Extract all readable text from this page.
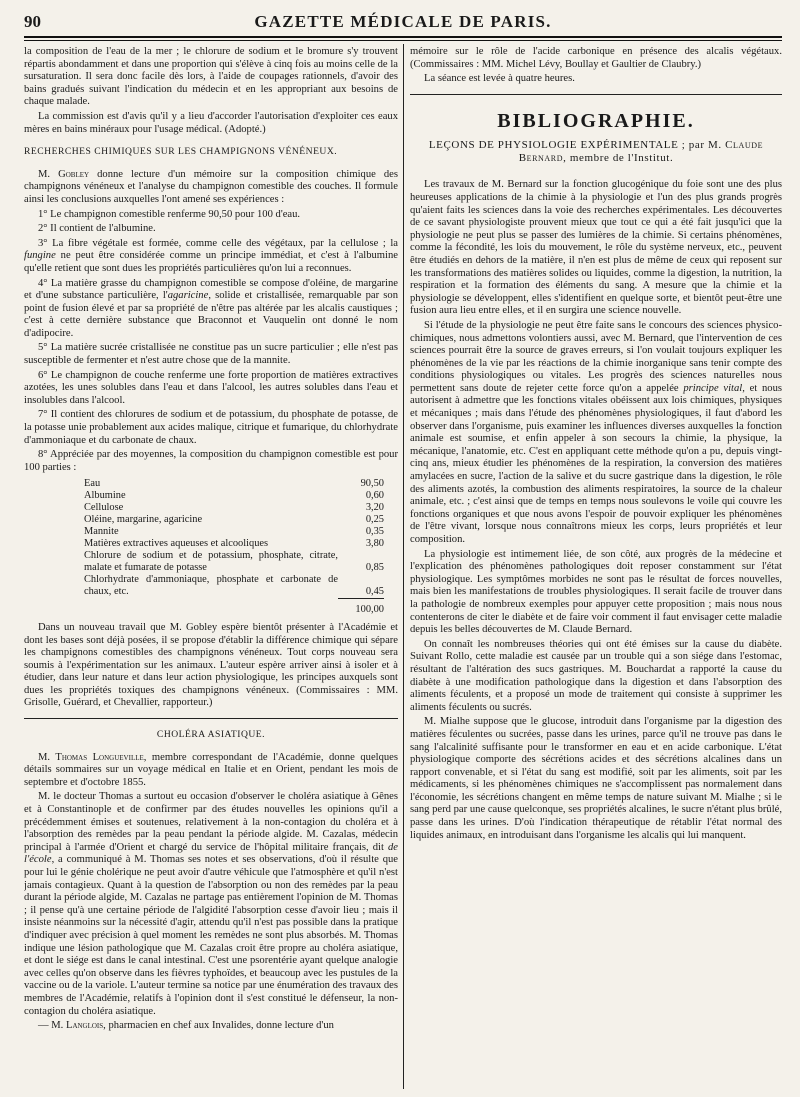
90	GAZETTE MÉDICALE DE PARIS.

la composition de l'eau de la mer ; le chlorure de sodium et le bromure s'y trouvent répartis abondamment et dans une proportion qui s'élève à cinq fois au moins celle de la sursaturation. Il sera donc facile dès lors, à l'aide de coupages rationnels, d'avoir des bains gradués suivant l'indication du médecin et en les appropriant aux besoins de chaque malade.

La commission est d'avis qu'il y a lieu d'accorder l'autorisation d'exploiter ces eaux mères en bains minéraux pour l'usage médical. (Adopté.)

RECHERCHES CHIMIQUES SUR LES CHAMPIGNONS VÉNÉNEUX.

M. Gobley donne lecture d'un mémoire sur la composition chimique des champignons vénéneux et l'analyse du champignon comestible des couches. Il formule ainsi les conclusions auxquelles l'ont amené ses expériences :

1° Le champignon comestible renferme 90,50 pour 100 d'eau.

2° Il contient de l'albumine.

3° La fibre végétale est formée, comme celle des végétaux, par la cellulose ; la fungine ne peut être considérée comme un principe immédiat, et c'est à l'albumine qu'elle retient que sont dues les propriétés particulières qu'on lui a reconnues.

4° La matière grasse du champignon comestible se compose d'oléine, de margarine et d'une substance particulière, l'agaricine, solide et cristallisée, remarquable par son point de fusion élevé et par sa propriété de n'être pas altérée par les alcalis caustiques ; c'est à cette dernière substance que Braconnot et Vauquelin ont donné le nom d'adipocire.

5° La matière sucrée cristallisée ne constitue pas un sucre particulier ; elle n'est pas susceptible de fermenter et n'est autre chose que de la mannite.

6° Le champignon de couche renferme une forte proportion de matières extractives azotées, les unes solubles dans l'eau et dans l'alcool, les autres solubles dans l'eau et insolubles dans l'alcool.

7° Il contient des chlorures de sodium et de potassium, du phosphate de potasse, de la potasse unie probablement aux acides malique, citrique et fumarique, du chlorhydrate d'ammoniaque et du carbonate de chaux.

8° Appréciée par des moyennes, la composition du champignon comestible est pour 100 parties :

Eau	90,50
Albumine	0,60
Cellulose	3,20
Oléine, margarine, agaricine	0,25
Mannite	0,35
Matières extractives aqueuses et alcooliques	3,80
Chlorure de sodium et de potassium, phosphate, citrate, malate et fumarate de potasse	0,85
Chlorhydrate d'ammoniaque, phosphate et carbonate de chaux, etc.	0,45
	100,00

Dans un nouveau travail que M. Gobley espère bientôt présenter à l'Académie et dont les bases sont déjà posées, il se propose d'établir la différence chimique qui sépare les champignons comestibles des champignons vénéneux. Tout corps nouveau sera soumis à l'expérimentation sur les animaux. L'auteur espère arriver ainsi à isoler et à étudier, dans leur nature et dans leur action physiologique, les principes auxquels sont dues les propriétés toxiques des champignons vénéneux. (Commissaires : MM. Grisolle, Guérard, et Chevallier, rapporteur.)

CHOLÉRA ASIATIQUE.

M. Thomas Longueville, membre correspondant de l'Académie, donne quelques détails sommaires sur un voyage médical en Italie et en Orient, pendant les mois de septembre et d'octobre 1855.

M. le docteur Thomas a surtout eu occasion d'observer le choléra asiatique à Gênes et à Constantinople et de confirmer par des études nouvelles les opinions qu'il a précédemment émises et soutenues, relativement à la non-contagion du choléra et à l'absorption des remèdes par la peau pendant la période algide. M. Cazalas, médecin principal à l'armée d'Orient et chargé du service de l'hôpital militaire français, dit de l'école, a communiqué à M. Thomas ses notes et ses observations, d'où il résulte que pour lui le génie cholérique ne peut avoir d'autre véhicule que l'atmosphère et qu'il n'est jamais contagieux. Quant à la question de l'absorption ou non des remèdes par la peau durant la période algide, M. Cazalas ne partage pas entièrement l'opinion de M. Thomas ; il pense qu'à une certaine période de l'algidité l'absorption cesse d'avoir lieu ; mais il insiste néanmoins sur la nécessité d'agir, attendu qu'il n'est pas possible dans la pratique d'indiquer avec précision à quel moment les remèdes ne sont plus absorbés. M. Thomas indique une lésion pathologique que M. Cazalas croit être propre au choléra asiatique, et dont le siége est dans le canal intestinal. C'est une psorentérie ayant quelque analogie avec celles qu'on observe dans les fièvres typhoïdes, et beaucoup avec les pustules de la vaccine ou de la variole. L'auteur termine sa notice par une énumération des travaux des membres de l'Académie, relatifs à l'opinion dont il s'est constitué le défenseur, la non-contagion du choléra asiatique.

— M. Langlois, pharmacien en chef aux Invalides, donne lecture d'un

mémoire sur le rôle de l'acide carbonique en présence des alcalis végétaux. (Commissaires : MM. Michel Lévy, Boullay et Gaultier de Claubry.)

La séance est levée à quatre heures.

BIBLIOGRAPHIE.
LEÇONS DE PHYSIOLOGIE EXPÉRIMENTALE ; par M. Claude Bernard, membre de l'Institut.

Les travaux de M. Bernard sur la fonction glucogénique du foie sont une des plus heureuses applications de la chimie à la physiologie et l'un des plus grands progrès qu'aient faits les sciences dans la voie des recherches expérimentales. Les découvertes de ce savant physiologiste prouvent mieux que tout ce qui a été fait jusqu'ici que la physiologie ne peut plus se passer des lumières de la chimie. Si certains phénomènes, comme la fécondité, les lois du mouvement, le rôle du système nerveux, etc., peuvent être étudiés en dehors de la matière, il n'en est plus de même de ceux qui reposent sur les transformations des matières solides ou liquides, comme la digestion, la nutrition, la respiration et la formation des éléments du sang. A mesure que la chimie et la physiologie se développent, elles s'identifient en quelque sorte, et bientôt peut-être une fusion aura lieu entre elles, et il en surgira une science nouvelle.

Si l'étude de la physiologie ne peut être faite sans le concours des sciences physico-chimiques, nous admettons volontiers aussi, avec M. Bernard, que l'intervention de ces sciences pourrait être la source de graves erreurs, si l'on voulait toujours expliquer les phénomènes de la vie par les réactions de la chimie inorganique sans tenir compte des conditions physiologiques ou vitales. Les progrès des sciences naturelles nous permettent sans doute de rejeter cette force qu'on a appelée principe vital, et nous autorisent à admettre que les fonctions vitales obéissent aux lois chimiques, physiques et mécaniques ; mais dans l'étude des phénomènes physiologiques, il faut d'abord les observer dans l'organisme, puis examiner les influences diverses auxquelles la fonction animale est soumise, et enfin appeler à son secours la chimie, la physique, la mécanique, l'anatomie, etc. C'est en appliquant cette méthode qu'on a pu, depuis vingt-cinq ans, mieux étudier les phénomènes de la respiration, la conversion des matières amylacées en sucre, l'action de la salive et du sucre gastrique dans la digestion, le rôle des aliments azotés, la combustion des aliments respiratoires, la source de la chaleur animale, etc. ; c'est ainsi que de temps en temps nous soulevons le voile qui couvre les fonctions organiques et que nous avons l'espoir de pouvoir expliquer les phénomènes de l'être vivant, lorsque nous connaîtrons mieux les corps, leurs propriétés et leur composition.

La physiologie est intimement liée, de son côté, aux progrès de la médecine et l'explication des phénomènes pathologiques doit reposer constamment sur l'état physiologique. Les symptômes morbides ne sont pas le résultat de forces nouvelles, mais bien les manifestations de troubles physiologiques. Il serait facile de trouver dans la pathologie de nombreux exemples pour appuyer cette proposition ; mais nous nous contenterons de citer le diabète et de faire voir comment il faut envisager cette maladie depuis les belles découvertes de M. Claude Bernard.

On connaît les nombreuses théories qui ont été émises sur la cause du diabète. Suivant Rollo, cette maladie est causée par un trouble qui a son siége dans l'estomac, résultant de l'altération des sucs gastriques. M. Bouchardat a rapporté la cause du diabète à une modification pathologique dans la digestion et dans l'absorption des aliments féculents, et a proposé un mode de traitement qui consiste à supprimer les aliments féculents ou sucrés.

M. Mialhe suppose que le glucose, introduit dans l'organisme par la digestion des matières féculentes ou sucrées, passe dans les urines, parce qu'il ne trouve pas dans le sang l'alcalinité suffisante pour le transformer en eau et en acide carbonique. L'état physiologique comporte des sécrétions acides et des sécrétions alcalines dans un rapport convenable, et si l'état du sang est modifié, soit par les aliments, soit par les médicaments, si les phénomènes chimiques ne s'accomplissent pas normalement dans l'économie, les sécrétions changent en même temps de nature suivant M. Mialhe ; si le sang perd par une cause quelconque, ses propriétés alcalines, le sucre n'étant plus brûlé, passe dans les urines. D'où l'indication thérapeutique de rétablir l'état normal des liquides animaux, en introduisant dans l'organisme les alcalis qui lui manquent.
